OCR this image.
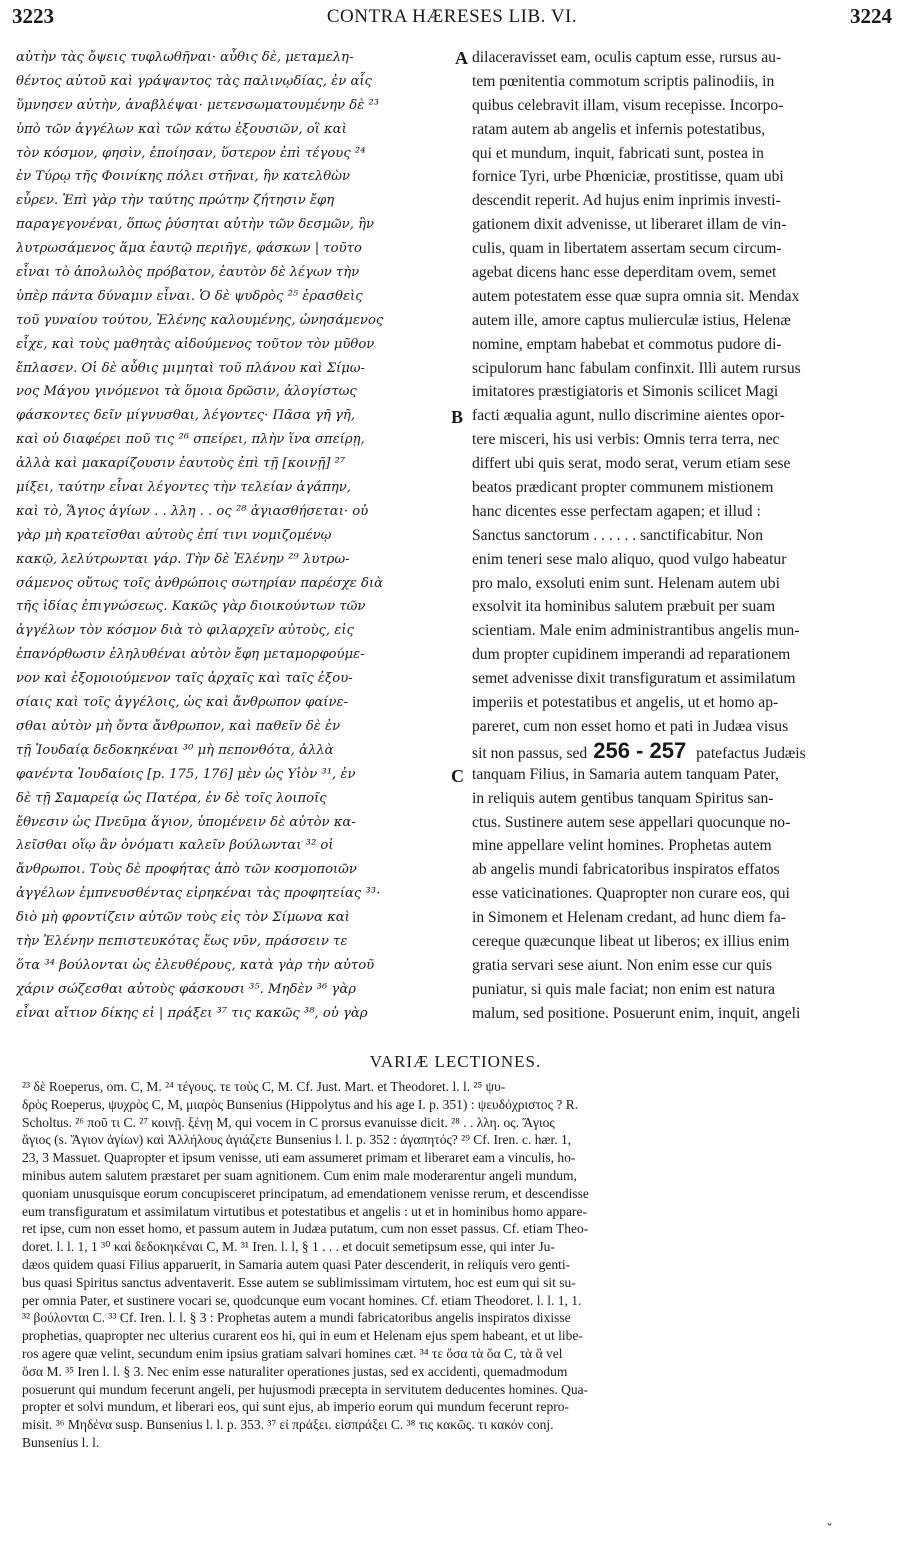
3223	CONTRA HÆRESES LIB. VI.	3224
αὐτὴν τὰς ὄψεις τυφλωθῆναι· αὖθις δὲ, μεταμελη-
θέντος αὐτοῦ καὶ γράψαντος τὰς παλινῳδίας, ἐν αἷς
ὕμνησεν αὐτὴν, ἀναβλέψαι· μετενσωματουμένην δὲ ²³
ὑπὸ τῶν ἀγγέλων καὶ τῶν κάτω ἐξουσιῶν, οἳ καὶ
τὸν κόσμον, φησὶν, ἐποίησαν, ὕστερον ἐπὶ τέγους ²⁴
ἐν Τύρῳ τῆς Φοινίκης πόλει στῆναι, ἣν κατελθὼν
εὗρεν. Ἐπὶ γὰρ τὴν ταύτης πρώτην ζήτησιν ἔφη
παραγεγονέναι, ὅπως ῥύσηται αὐτὴν τῶν δεσμῶν, ἣν
λυτρωσάμενος ἅμα ἑαυτῷ περιῆγε, φάσκων | τοῦτο
εἶναι τὸ ἀπολωλὸς πρόβατον, ἑαυτὸν δὲ λέγων τὴν
ὑπὲρ πάντα δύναμιν εἶναι. Ὁ δὲ ψυδρὸς ²⁵ ἐρασθεὶς
τοῦ γυναίου τούτου, Ἑλένης καλουμένης, ὠνησάμενος
εἶχε, καὶ τοὺς μαθητὰς αἰδούμενος τοῦτον τὸν μῦθον
ἔπλασεν. Οἱ δὲ αὖθις μιμηταὶ τοῦ πλάνου καὶ Σίμω-
νος Μάγου γινόμενοι τὰ ὅμοια δρῶσιν, ἀλογίστως
φάσκοντες δεῖν μίγνυσθαι, λέγοντες· Πᾶσα γῆ γῆ,
καὶ οὐ διαφέρει ποῦ τις ²⁶ σπείρει, πλὴν ἵνα σπείρῃ,
ἀλλὰ καὶ μακαρίζουσιν ἑαυτοὺς ἐπὶ τῇ [κοινῇ] ²⁷
μίξει, ταύτην εἶναι λέγοντες τὴν τελείαν ἀγάπην,
καὶ τὸ, Ἅγιος ἁγίων . . λλη . . ος ²⁸ ἁγιασθήσεται· οὐ
γὰρ μὴ κρατεῖσθαι αὐτοὺς ἐπί τινι νομιζομένῳ
κακῷ, λελύτρωνται γάρ. Τὴν δὲ Ἑλένην ²⁹ λυτρω-
σάμενος οὕτως τοῖς ἀνθρώποις σωτηρίαν παρέσχε διὰ
τῆς ἰδίας ἐπιγνώσεως. Κακῶς γὰρ διοικούντων τῶν
ἀγγέλων τὸν κόσμον διὰ τὸ φιλαρχεῖν αὐτοὺς, εἰς
ἐπανόρθωσιν ἐληλυθέναι αὐτὸν ἔφη μεταμορφούμε-
νον καὶ ἐξομοιούμενον ταῖς ἀρχαῖς καὶ ταῖς ἐξου-
σίαις καὶ τοῖς ἀγγέλοις, ὡς καὶ ἄνθρωπον φαίνε-
σθαι αὐτὸν μὴ ὄντα ἄνθρωπον, καὶ παθεῖν δὲ ἐν
τῇ Ἰουδαίᾳ δεδοκηκέναι ³⁰ μὴ πεπονθότα, ἀλλὰ
φανέντα Ἰουδαίοις [p. 175, 176] μὲν ὡς Υἱὸν ³¹, ἐν
δὲ τῇ Σαμαρείᾳ ὡς Πατέρα, ἐν δὲ τοῖς λοιποῖς
ἔθνεσιν ὡς Πνεῦμα ἅγιον, ὑπομένειν δὲ αὐτὸν κα-
λεῖσθαι οἵῳ ἂν ὀνόματι καλεῖν βούλωνται ³² οἱ
ἄνθρωποι. Τοὺς δὲ προφήτας ἀπὸ τῶν κοσμοποιῶν
ἀγγέλων ἐμπνευσθέντας εἰρηκέναι τὰς προφητείας ³³·
διὸ μὴ φροντίζειν αὐτῶν τοὺς εἰς τὸν Σίμωνα καὶ
τὴν Ἑλένην πεπιστευκότας ἕως νῦν, πράσσειν τε
ὅτα ³⁴ βούλονται ὡς ἐλευθέρους, κατὰ γὰρ τὴν αὐτοῦ
χάριν σώζεσθαι αὐτοὺς φάσκουσι ³⁵. Μηδὲν ³⁶ γὰρ
εἶναι αἴτιον δίκης εἰ | πράξει ³⁷ τις κακῶς ³⁸, οὐ γὰρ
dilaceravisset eam, oculis captum esse, rursus au-
tem pœnitentia commotum scriptis palinodiis, in
quibus celebravit illam, visum recepisse. Incorpo-
ratam autem ab angelis et infernis potestatibus,
qui et mundum, inquit, fabricati sunt, postea in
fornice Tyri, urbe Phœniciæ, prostitisse, quam ubi
descendit reperit. Ad hujus enim inprimis investi-
gationem dixit advenisse, ut liberaret illam de vin-
culis, quam in libertatem assertam secum circum-
agebat dicens hanc esse deperditam ovem, semet
autem potestatem esse quæ supra omnia sit. Mendax
autem ille, amore captus mulierculæ istius, Helenæ
nomine, emptam habebat et commotus pudore di-
scipulorum hanc fabulam confinxit. Illi autem rursus
imitatores præstigiatoris et Simonis scilicet Magi
facti æqualia agunt, nullo discrimine aientes opor-
tere misceri, his usi verbis: Omnis terra terra, nec
differt ubi quis serat, modo serat, verum etiam sese
beatos prædicant propter communem mistionem
hanc dicentes esse perfectam agapen; et illud :
Sanctus sanctorum . . . . . . sanctificabitur. Non
enim teneri sese malo aliquo, quod vulgo habeatur
pro malo, exsoluti enim sunt. Helenam autem ubi
exsolvit ita hominibus salutem præbuit per suam
scientiam. Male enim administrantibus angelis mun-
dum propter cupidinem imperandi ad reparationem
semet advenisse dixit transfiguratum et assimilatum
imperiis et potestatibus et angelis, ut et homo ap-
pareret, cum non esset homo et pati in Judæa visus
sit non passus, sed 256 - 257 patefactus Judæis
tanquam Filius, in Samaria autem tanquam Pater,
in reliquis autem gentibus tanquam Spiritus san-
ctus. Sustinere autem sese appellari quocunque no-
mine appellare velint homines. Prophetas autem
ab angelis mundi fabricatoribus inspiratos effatos
esse vaticinationes. Quapropter non curare eos, qui
in Simonem et Helenam credant, ad hunc diem fa-
cereque quæcunque libeat ut liberos; ex illius enim
gratia servari sese aiunt. Non enim esse cur quis
puniatur, si quis male faciat; non enim est natura
malum, sed positione. Posuerunt enim, inquit, angeli
A
B
C
VARIÆ LECTIONES.
²³ δὲ Roeperus, om. C, M. ²⁴ τέγους. τε τοὺς C, M. Cf. Just. Mart. et Theodoret. l. l. ²⁵ ψυ-
δρὸς Roeperus, ψυχρὸς C, M, μιαρὸς Bunsenius (Hippolytus and his age I. p. 351) : ψευδόχριστος ? R.
Scholtus. ²⁶ ποῦ τι C. ²⁷ κοινῇ. ξένῃ M, qui vocem in C prorsus evanuisse dicit. ²⁸ . . λλη. ος. Ἅγιος
ἅγιος (s. Ἅγιον ἁγίων) καὶ Ἀλλήλους ἁγιάζετε Bunsenius l. l. p. 352 : ἀγαπητός? ²⁹ Cf. Iren. c. hær. 1,
23, 3 Massuet. Quapropter et ipsum venisse, uti eam assumeret primam et liberaret eam a vinculis, ho-
minibus autem salutem præstaret per suam agnitionem. Cum enim male moderarentur angeli mundum,
quoniam unusquisque eorum concupisceret principatum, ad emendationem venisse rerum, et descendisse
eum transfiguratum et assimilatum virtutibus et potestatibus et angelis : ut et in hominibus homo appare-
ret ipse, cum non esset homo, et passum autem in Judæa putatum, cum non esset passus. Cf. etiam Theo-
doret. l. l. 1, 1 ³⁰ καὶ δεδοκηκέναι C, M. ³¹ Iren. l. l, § 1 . . . et docuit semetipsum esse, qui inter Ju-
dæos quidem quasi Filius apparuerit, in Samaria autem quasi Pater descenderit, in reliquis vero genti-
bus quasi Spiritus sanctus adventaverit. Esse autem se sublimissimam virtutem, hoc est eum qui sit su-
per omnia Pater, et sustinere vocari se, quodcunque eum vocant homines. Cf. etiam Theodoret. l. l. 1, 1.
³² βούλονται C. ³³ Cf. Iren. l. l. § 3 : Prophetas autem a mundi fabricatoribus angelis inspiratos dixisse
prophetias, quapropter nec ulterius curarent eos hi, qui in eum et Helenam ejus spem habeant, et ut libe-
ros agere quæ velint, secundum enim ipsius gratiam salvari homines cæt. ³⁴ τε ὅσα τὰ ὅα C, τὰ ἃ vel
ὅσα M. ³⁵ Iren l. l. § 3. Nec enim esse naturaliter operationes justas, sed ex accidenti, quemadmodum
posuerunt qui mundum fecerunt angeli, per hujusmodi præcepta in servitutem deducentes homines. Qua-
propter et solvi mundum, et liberari eos, qui sunt ejus, ab imperio eorum qui mundum fecerunt repro-
misit. ³⁶ Μηδένα susp. Bunsenius l. l. p. 353. ³⁷ εἰ πράξει. εἰσπράξει C. ³⁸ τις κακῶς. τι κακόν conj.
Bunsenius l. l.
ˇ
